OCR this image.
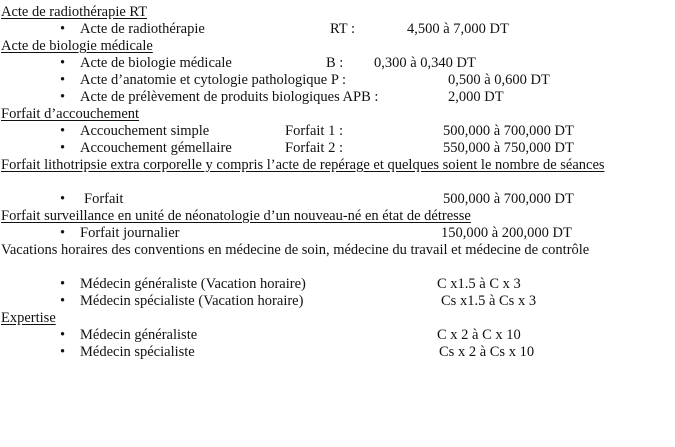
Acte de radiothérapie RT
• Acte de radiothérapie	RT :	4,500 à 7,000 DT
Acte de biologie médicale
• Acte de biologie médicale	B : 0,300 à 0,340 DT
• Acte d’anatomie et cytologie pathologique P :	0,500 à 0,600 DT
• Acte de prélèvement de produits biologiques APB :	2,000 DT
Forfait d’accouchement
• Accouchement simple	Forfait 1 :	500,000 à 700,000 DT
• Accouchement gémellaire	Forfait 2 :	550,000 à 750,000 DT
Forfait lithotripsie extra corporelle y compris l’acte de repérage et quelques soient le nombre de séances
• Forfait	500,000 à 700,000 DT
Forfait surveillance en unité de néonatologie d’un nouveau-né en état de détresse
• Forfait journalier	150,000 à 200,000 DT
Vacations horaires des conventions en médecine de soin, médecine du travail et médecine de contrôle
• Médecin généraliste (Vacation horaire)	C x1.5 à C x 3
• Médecin spécialiste (Vacation horaire)	Cs x1.5 à Cs x 3
Expertise
• Médecin généraliste	C x 2 à C x 10
• Médecin spécialiste	Cs x 2 à Cs x 10
